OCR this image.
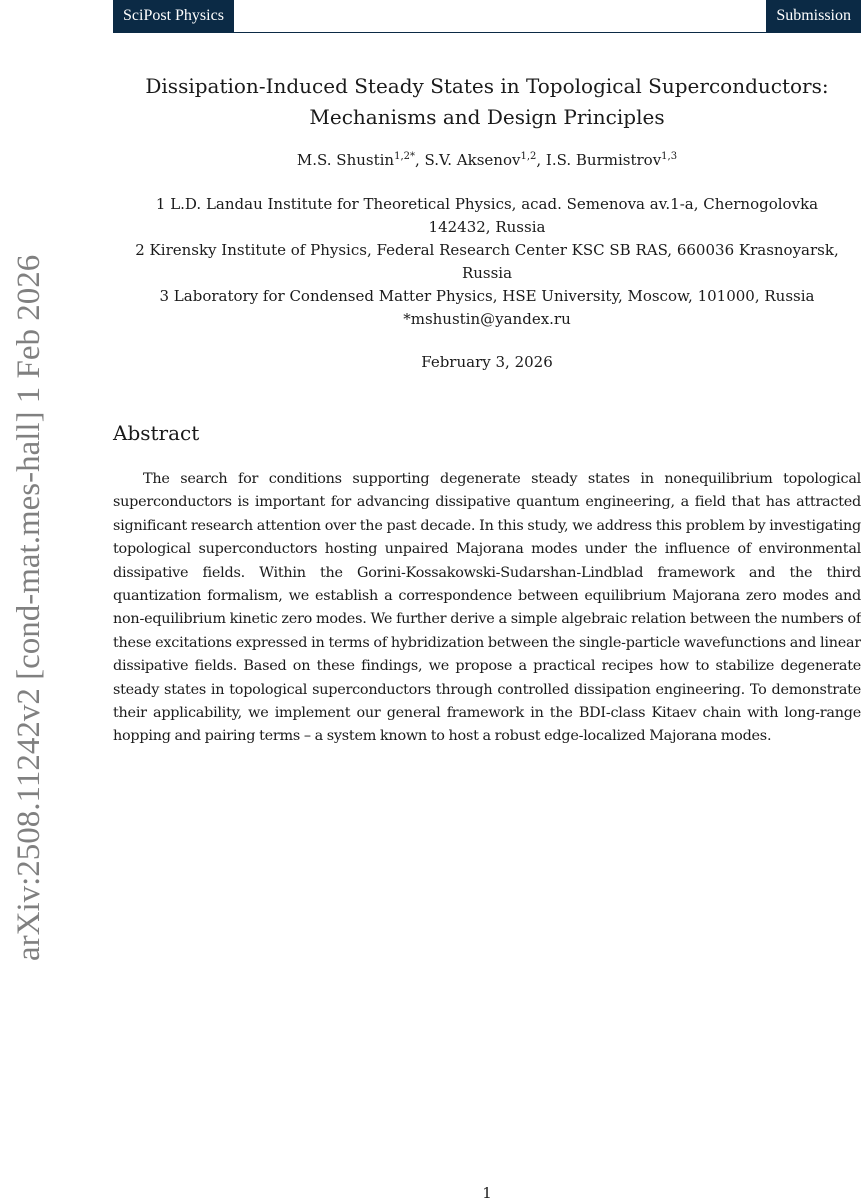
SciPost Physics	Submission
arXiv:2508.11242v2 [cond-mat.mes-hall] 1 Feb 2026
Dissipation-Induced Steady States in Topological Superconductors:
Mechanisms and Design Principles
M.S. Shustin$^{1,2*}$, S.V. Aksenov$^{1,2}$, I.S. Burmistrov$^{1,3}$
1 L.D. Landau Institute for Theoretical Physics, acad. Semenova av.1-a, Chernogolovka
142432, Russia
2 Kirensky Institute of Physics, Federal Research Center KSC SB RAS, 660036 Krasnoyarsk,
Russia
3 Laboratory for Condensed Matter Physics, HSE University, Moscow, 101000, Russia
*mshustin@yandex.ru
February 3, 2026
Abstract

The search for conditions supporting degenerate steady states in nonequilibrium topological superconductors is important for advancing dissipative quantum engineering, a field that has attracted significant research attention over the past decade. In this study, we address this problem by investigating topological superconductors hosting unpaired Majorana modes under the influence of environmental dissipative fields. Within the Gorini-Kossakowski-Sudarshan-Lindblad framework and the third quantization formalism, we establish a correspondence between equilibrium Majorana zero modes and non-equilibrium kinetic zero modes. We further derive a simple algebraic relation between the numbers of these excitations expressed in terms of hybridization between the single-particle wavefunctions and linear dissipative fields. Based on these findings, we propose a practical recipes how to stabilize degenerate steady states in topological superconductors through controlled dissipation engineering. To demonstrate their applicability, we implement our general framework in the BDI-class Kitaev chain with long-range hopping and pairing terms – a system known to host a robust edge-localized Majorana modes.

1
